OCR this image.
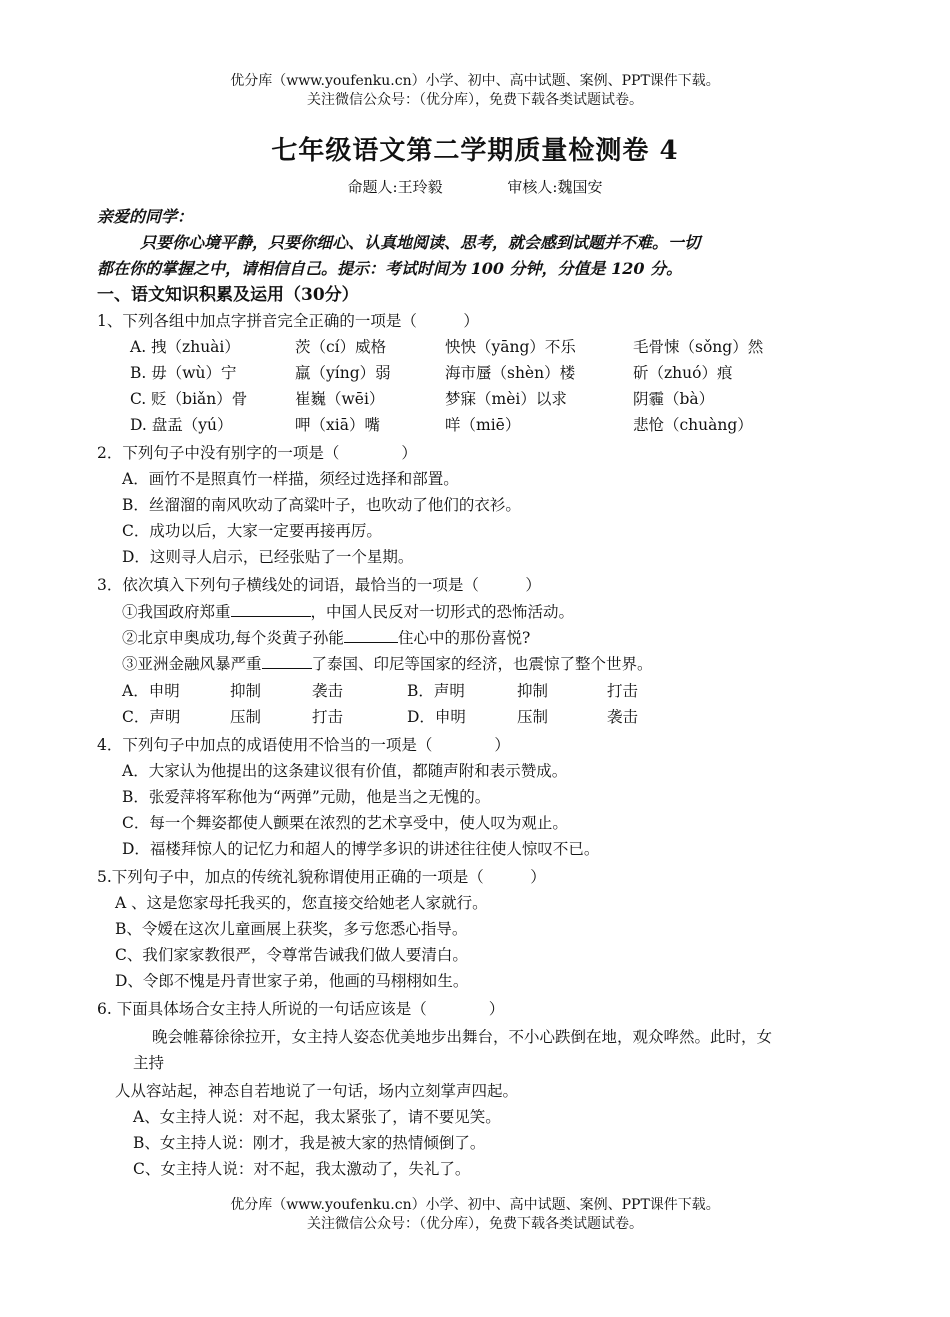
优分库（www.youfenku.cn）小学、初中、高中试题、案例、PPT课件下载。
关注微信公众号：（优分库），免费下载各类试题试卷。
七年级语文第二学期质量检测卷 4
命题人:王玲毅	审核人:魏国安
亲爱的同学：
只要你心境平静，只要你细心、认真地阅读、思考，就会感到试题并不难。一切
都在你的掌握之中，请相信自己。提示：考试时间为 100 分钟，分值是 120 分。
一、语文知识积累及运用（30分）
1、下列各组中加点字拼音完全正确的一项是（　　　）
A. 拽（zhuài）	茨（cí）威格	怏怏（yāng）不乐	毛骨悚（sǒng）然
B. 毋（wù）宁	羸（yíng）弱	海市蜃（shèn）楼	斫（zhuó）痕
C. 贬（biǎn）骨	崔巍（wēi）	梦寐（mèi）以求	阴霾（bà）
D. 盘盂（yú）	呷（xiā）嘴	咩（miē）	悲怆（chuàng）
2．下列句子中没有别字的一项是（　　　　）
A．画竹不是照真竹一样描，须经过选择和部置。
B．丝溜溜的南风吹动了高粱叶子，也吹动了他们的衣衫。
C．成功以后，大家一定要再接再厉。
D．这则寻人启示，已经张贴了一个星期。
3．依次填入下列句子横线处的词语，最恰当的一项是（　　　）
①我国政府郑重	，中国人民反对一切形式的恐怖活动。
②北京申奥成功,每个炎黄子孙能	住心中的那份喜悦?
③亚洲金融风暴严重	了泰国、印尼等国家的经济，也震惊了整个世界。
A．申明	抑制	袭击	B．声明	抑制	打击
C．声明	压制	打击	D．申明	压制	袭击
4．下列句子中加点的成语使用不恰当的一项是（　　　　）
A．大家认为他提出的这条建议很有价值，都随声附和表示赞成。
B．张爱萍将军称他为“两弹”元勋，他是当之无愧的。
C．每一个舞姿都使人颤栗在浓烈的艺术享受中，使人叹为观止。
D．福楼拜惊人的记忆力和超人的博学多识的讲述往往使人惊叹不已。
5.下列句子中，加点的传统礼貌称谓使用正确的一项是（　　　）
A 、这是您家母托我买的，您直接交给她老人家就行。
B、令嫒在这次儿童画展上获奖，多亏您悉心指导。
C、我们家家教很严，令尊常告诫我们做人要清白。
D、令郎不愧是丹青世家子弟，他画的马栩栩如生。
6. 下面具体场合女主持人所说的一句话应该是（　　　　）
晚会帷幕徐徐拉开，女主持人姿态优美地步出舞台，不小心跌倒在地，观众哗然。此时，女
主持
人从容站起，神态自若地说了一句话，场内立刻掌声四起。
A、女主持人说：对不起，我太紧张了，请不要见笑。
B、女主持人说：刚才，我是被大家的热情倾倒了。
C、女主持人说：对不起，我太激动了，失礼了。
优分库（www.youfenku.cn）小学、初中、高中试题、案例、PPT课件下载。
关注微信公众号：（优分库），免费下载各类试题试卷。
